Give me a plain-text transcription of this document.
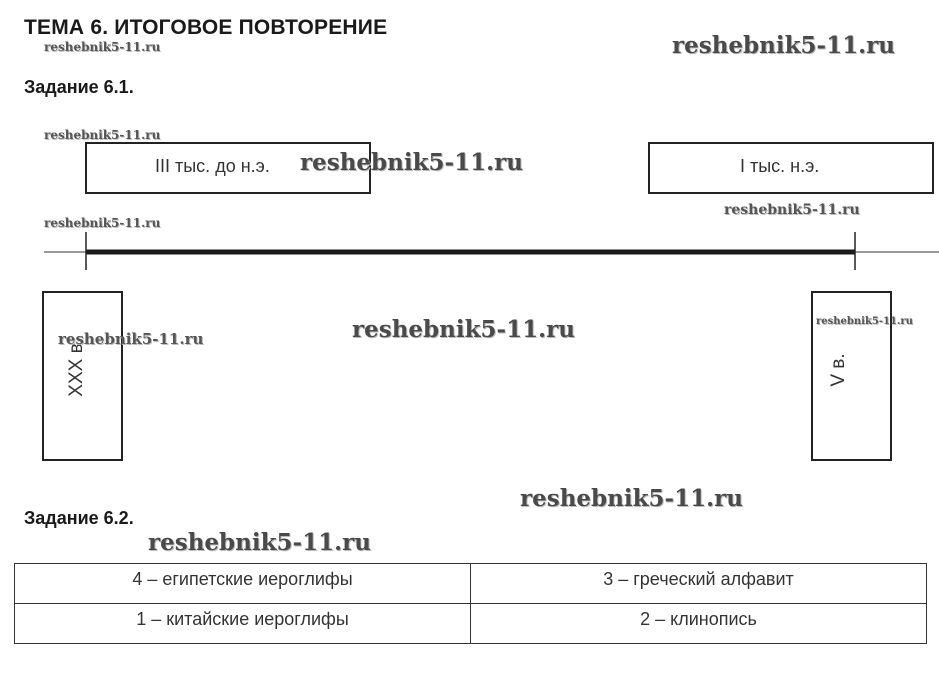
ТЕМА 6. ИТОГОВОЕ ПОВТОРЕНИЕ
Задание 6.1.
III тыс. до н.э.	I тыс. н.э.
XXX в	V в.
Задание 6.2.
4 – египетские иероглифы	3 – греческий алфавит
1 – китайские иероглифы	2 – клинопись
reshebnik5-11.ru	reshebnik5-11.ru
reshebnik5-11.ru
reshebnik5-11.ru
reshebnik5-11.ru
reshebnik5-11.ru
reshebnik5-11.ru	reshebnik5-11.ru	reshebnik5-11.ru
reshebnik5-11.ru
reshebnik5-11.ru
